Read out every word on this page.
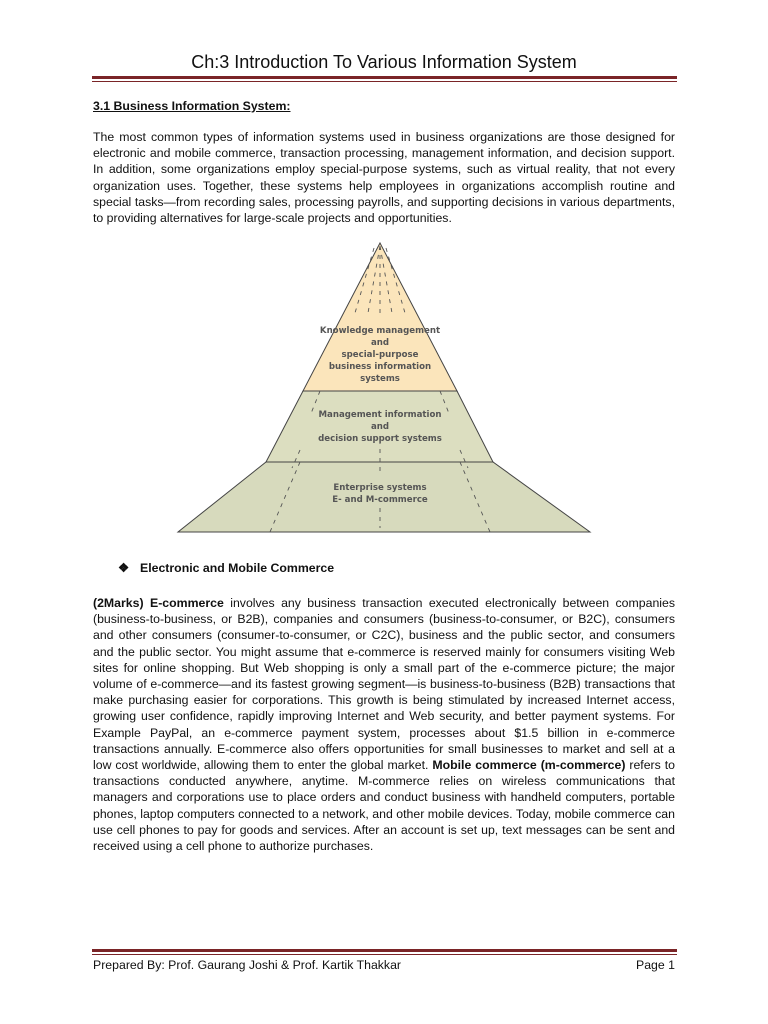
Ch:3 Introduction To Various Information System
3.1 Business Information System:
The most common types of information systems used in business organizations are those designed for electronic and mobile commerce, transaction processing, management information, and decision support. In addition, some organizations employ special-purpose systems, such as virtual reality, that not every organization uses. Together, these systems help employees in organizations accomplish routine and special tasks—from recording sales, processing payrolls, and supporting decisions in various departments, to providing alternatives for large-scale projects and opportunities.
Knowledge management
and
special-purpose
business information
systems
Management information
and
decision support systems
Enterprise systems
E- and M-commerce
❖ Electronic and Mobile Commerce
(2Marks) E-commerce involves any business transaction executed electronically between companies (business-to-business, or B2B), companies and consumers (business-to-consumer, or B2C), consumers and other consumers (consumer-to-consumer, or C2C), business and the public sector, and consumers and the public sector. You might assume that e-commerce is reserved mainly for consumers visiting Web sites for online shopping. But Web shopping is only a small part of the e-commerce picture; the major volume of e-commerce—and its fastest growing segment—is business-to-business (B2B) transactions that make purchasing easier for corporations. This growth is being stimulated by increased Internet access, growing user confidence, rapidly improving Internet and Web security, and better payment systems. For Example PayPal, an e-commerce payment system, processes about $1.5 billion in e-commerce transactions annually. E-commerce also offers opportunities for small businesses to market and sell at a low cost worldwide, allowing them to enter the global market. Mobile commerce (m-commerce) refers to transactions conducted anywhere, anytime. M-commerce relies on wireless communications that managers and corporations use to place orders and conduct business with handheld computers, portable phones, laptop computers connected to a network, and other mobile devices. Today, mobile commerce can use cell phones to pay for goods and services. After an account is set up, text messages can be sent and received using a cell phone to authorize purchases.
Prepared By: Prof. Gaurang Joshi & Prof. Kartik Thakkar	Page 1
